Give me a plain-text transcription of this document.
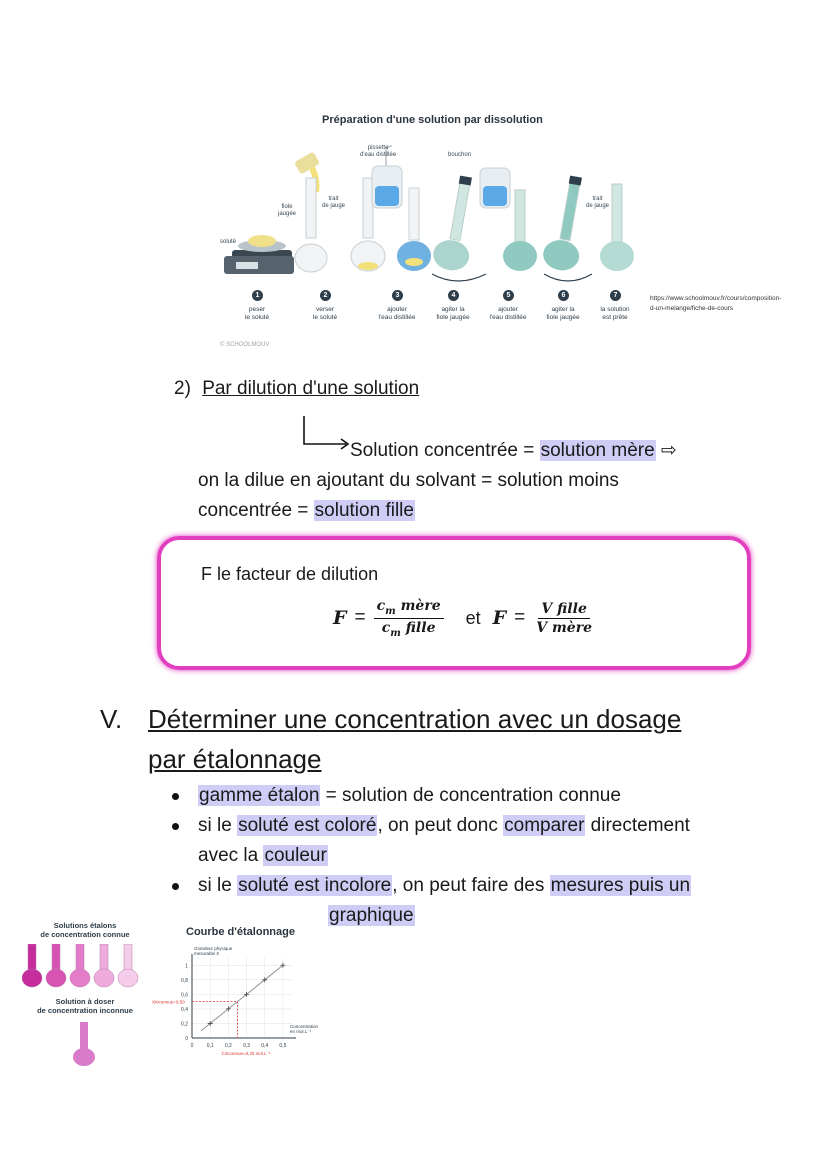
Préparation d'une solution par dissolution
pissette
d'eau distillée	bouchon
trait
de jauge
fiole
jaugée
trait
de jauge
soluté
© SCHOOLMOUV
1
peser
le soluté
2
verser
le soluté
3
ajouter
l'eau distillée
4
agiter la
fiole jaugée
5
ajouter
l'eau distillée
6
agiter la
fiole jaugée
7
la solution
est prête
https://www.schoolmouv.fr/cours/composition-
d-un-melange/fiche-de-cours
2) Par dilution d'une solution
Solution concentrée = solution mère ⇨
on la dilue en ajoutant du solvant = solution moins
concentrée = solution fille
F le facteur de dilution
$F = \frac{c_m mère}{c_m fille}$ et $F = \frac{\text{V fille}}{\text{V mère}}$
V. Déterminer une concentration avec un dosage
par étalonnage
gamme étalon = solution de concentration connue
si le soluté est coloré, on peut donc comparer directement
avec la couleur
si le soluté est incolore, on peut faire des mesures puis un
graphique
Solutions étalons
de concentration connue
Solution à doser
de concentration inconnue
Courbe d'étalonnage
0	0,1 0,2 0,3 0,4 0,5
0
0,2
0,4
0,6
0,8
1
Cinconnue=0,25 mol.L⁻¹
Xinconnue=0,50
Grandeur physique
mesurable X
Concentration
en mol.L⁻¹
